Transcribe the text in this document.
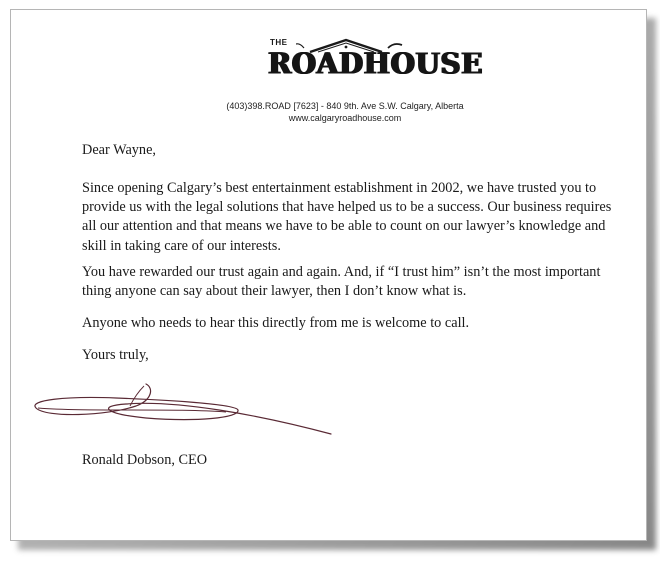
THE
ROADHOUSE
(403)398.ROAD [7623] - 840 9th. Ave S.W. Calgary, Alberta
www.calgaryroadhouse.com

Dear Wayne,

Since opening Calgary’s best entertainment establishment in 2002, we have trusted you to provide us with the legal solutions that have helped us to be a success. Our business requires all our attention and that means we have to be able to count on our lawyer’s knowledge and skill in taking care of our interests.

You have rewarded our trust again and again. And, if “I trust him” isn’t the most important thing anyone can say about their lawyer, then I don’t know what is.

Anyone who needs to hear this directly from me is welcome to call.

Yours truly,

Ronald Dobson, CEO
